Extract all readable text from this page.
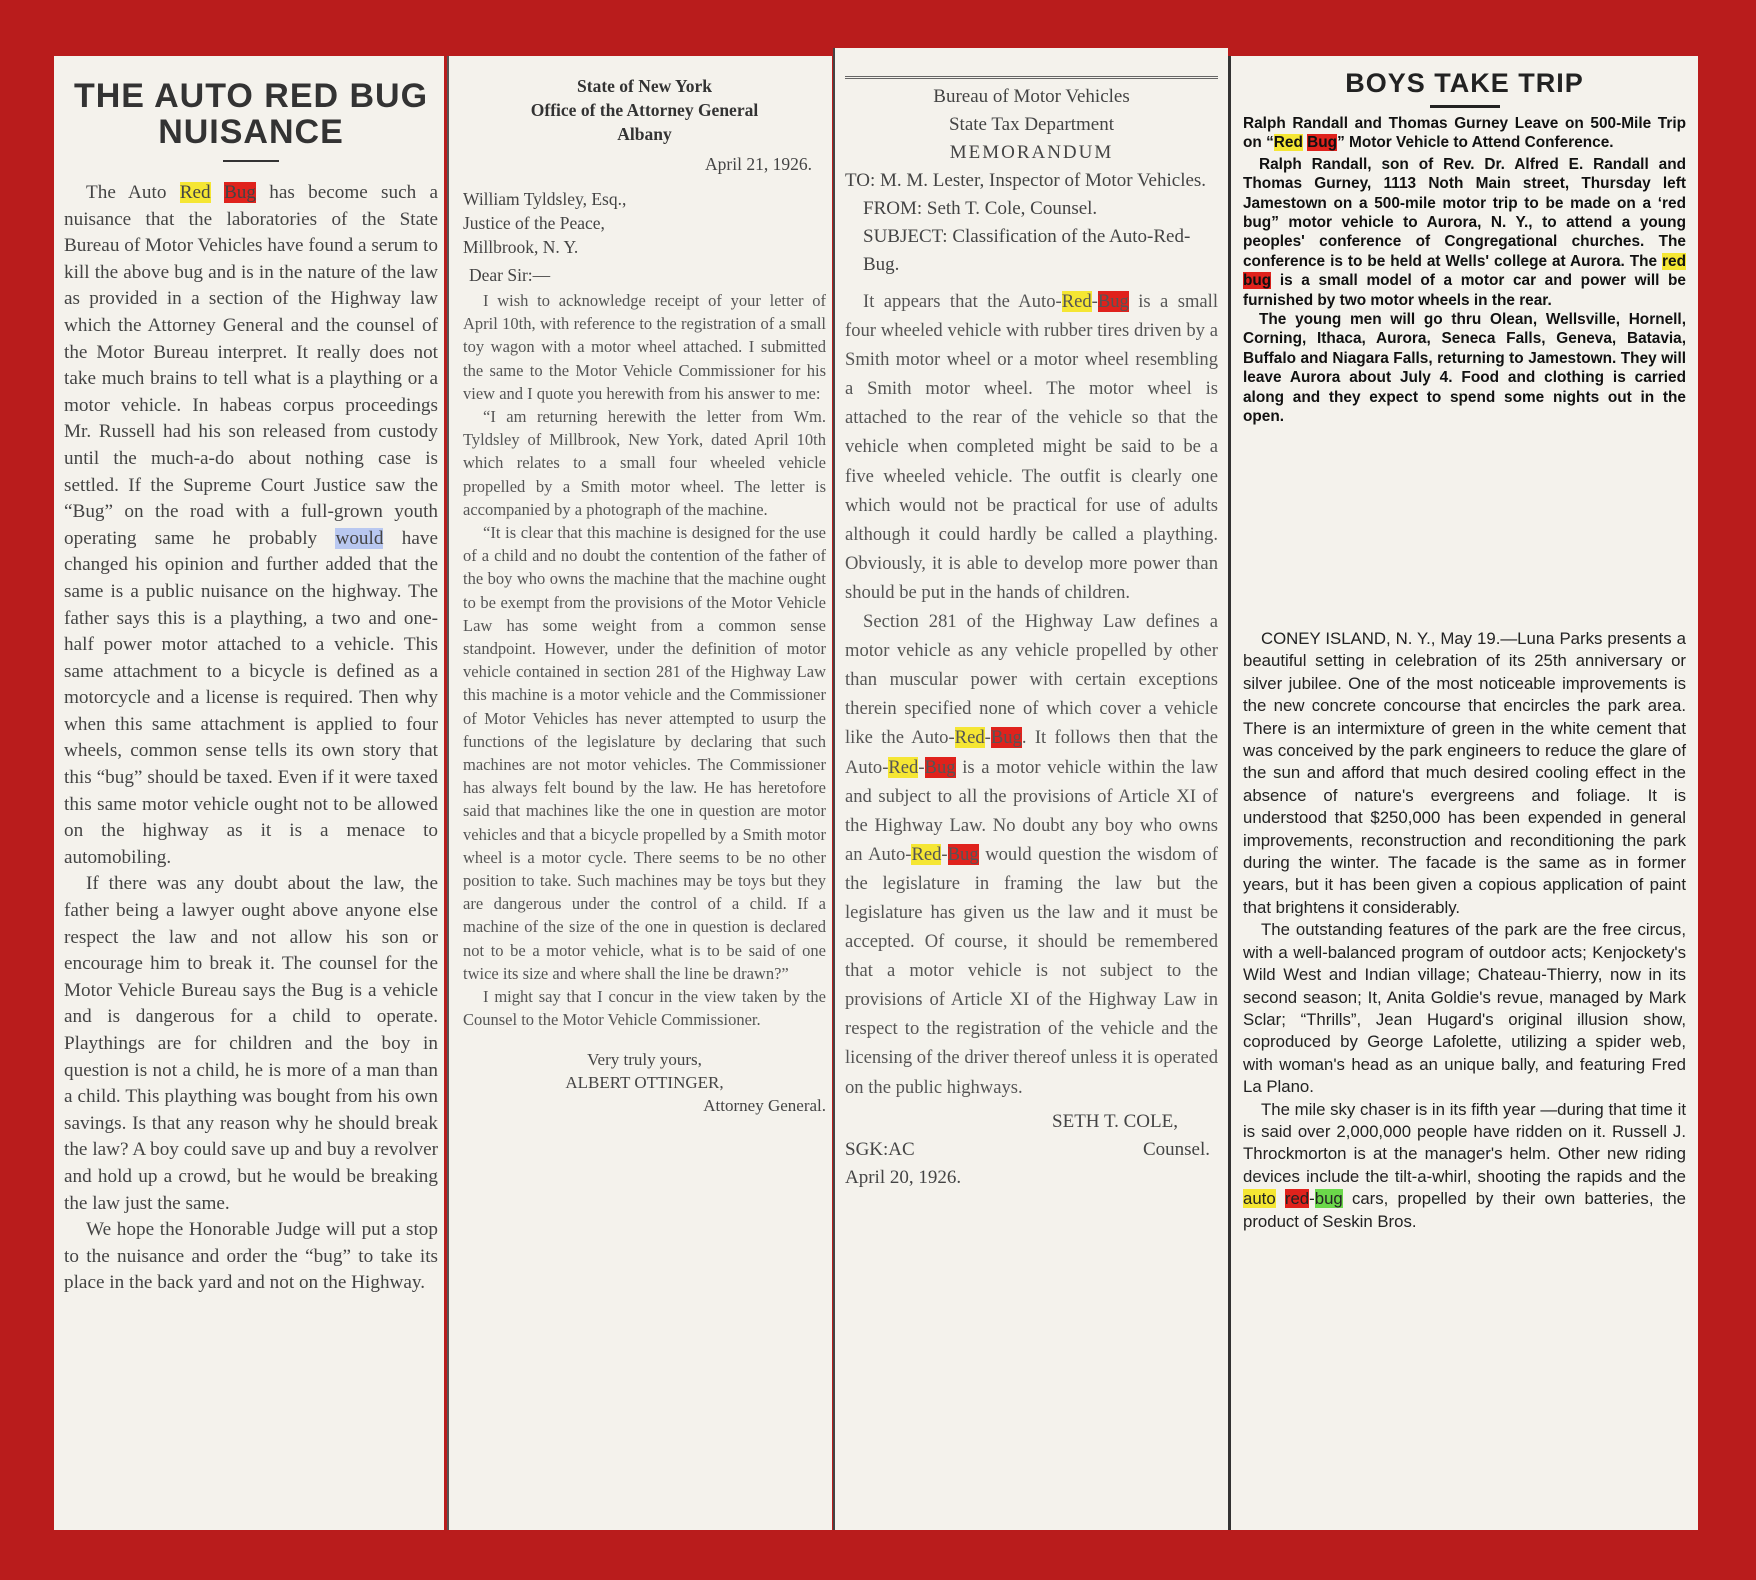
THE AUTO RED BUG NUISANCE

The Auto Red Bug has become such a nuisance that the laboratories of the State Bureau of Motor Vehicles have found a serum to kill the above bug and is in the nature of the law as provided in a section of the Highway law which the Attorney General and the counsel of the Motor Bureau interpret. It really does not take much brains to tell what is a plaything or a motor vehicle. In habeas corpus proceedings Mr. Russell had his son released from custody until the much-a-do about nothing case is settled. If the Supreme Court Justice saw the “Bug” on the road with a full-grown youth operating same he probably would have changed his opinion and further added that the same is a public nuisance on the highway. The father says this is a plaything, a two and one-half power motor attached to a vehicle. This same attachment to a bicycle is defined as a motorcycle and a license is required. Then why when this same attachment is applied to four wheels, common sense tells its own story that this “bug” should be taxed. Even if it were taxed this same motor vehicle ought not to be allowed on the highway as it is a menace to automobiling.

If there was any doubt about the law, the father being a lawyer ought above anyone else respect the law and not allow his son or encourage him to break it. The counsel for the Motor Vehicle Bureau says the Bug is a vehicle and is dangerous for a child to operate. Playthings are for children and the boy in question is not a child, he is more of a man than a child. This plaything was bought from his own savings. Is that any reason why he should break the law? A boy could save up and buy a revolver and hold up a crowd, but he would be breaking the law just the same.

We hope the Honorable Judge will put a stop to the nuisance and order the “bug” to take its place in the back yard and not on the Highway.

State of New York
Office of the Attorney General
Albany
April 21, 1926.
William Tyldsley, Esq.,
Justice of the Peace,
Millbrook, N. Y.
Dear Sir:—

I wish to acknowledge receipt of your letter of April 10th, with reference to the registration of a small toy wagon with a motor wheel attached. I submitted the same to the Motor Vehicle Commissioner for his view and I quote you herewith from his answer to me:

“I am returning herewith the letter from Wm. Tyldsley of Millbrook, New York, dated April 10th which relates to a small four wheeled vehicle propelled by a Smith motor wheel. The letter is accompanied by a photograph of the machine.

“It is clear that this machine is designed for the use of a child and no doubt the contention of the father of the boy who owns the machine that the machine ought to be exempt from the provisions of the Motor Vehicle Law has some weight from a common sense standpoint. However, under the definition of motor vehicle contained in section 281 of the Highway Law this machine is a motor vehicle and the Commissioner of Motor Vehicles has never attempted to usurp the functions of the legislature by declaring that such machines are not motor vehicles. The Commissioner has always felt bound by the law. He has heretofore said that machines like the one in question are motor vehicles and that a bicycle propelled by a Smith motor wheel is a motor cycle. There seems to be no other position to take. Such machines may be toys but they are dangerous under the control of a child. If a machine of the size of the one in question is declared not to be a motor vehicle, what is to be said of one twice its size and where shall the line be drawn?”

I might say that I concur in the view taken by the Counsel to the Motor Vehicle Commissioner.

Very truly yours,
ALBERT OTTINGER,
Attorney General.
Bureau of Motor Vehicles
State Tax Department
MEMORANDUM
TO: M. M. Lester, Inspector of Motor Vehicles.
FROM: Seth T. Cole, Counsel.
SUBJECT: Classification of the Auto-Red-Bug.

It appears that the Auto-Red-Bug is a small four wheeled vehicle with rubber tires driven by a Smith motor wheel or a motor wheel resembling a Smith motor wheel. The motor wheel is attached to the rear of the vehicle so that the vehicle when completed might be said to be a five wheeled vehicle. The outfit is clearly one which would not be practical for use of adults although it could hardly be called a plaything. Obviously, it is able to develop more power than should be put in the hands of children.

Section 281 of the Highway Law defines a motor vehicle as any vehicle propelled by other than muscular power with certain exceptions therein specified none of which cover a vehicle like the Auto-Red-Bug. It follows then that the Auto-Red-Bug is a motor vehicle within the law and subject to all the provisions of Article XI of the Highway Law. No doubt any boy who owns an Auto-Red-Bug would question the wisdom of the legislature in framing the law but the legislature has given us the law and it must be accepted. Of course, it should be remembered that a motor vehicle is not subject to the provisions of Article XI of the Highway Law in respect to the registration of the vehicle and the licensing of the driver thereof unless it is operated on the public highways.

SETH T. COLE,
SGK:AC	Counsel.
April 20, 1926.
BOYS TAKE TRIP
Ralph Randall and Thomas Gurney Leave on 500-Mile Trip on “Red Bug” Motor Vehicle to Attend Conference.

Ralph Randall, son of Rev. Dr. Alfred E. Randall and Thomas Gurney, 1113 Noth Main street, Thursday left Jamestown on a 500-mile motor trip to be made on a ‘red bug” motor vehicle to Aurora, N. Y., to attend a young peoples' conference of Congregational churches. The conference is to be held at Wells' college at Aurora. The red bug is a small model of a motor car and power will be furnished by two motor wheels in the rear.

The young men will go thru Olean, Wellsville, Hornell, Corning, Ithaca, Aurora, Seneca Falls, Geneva, Batavia, Buffalo and Niagara Falls, returning to Jamestown. They will leave Aurora about July 4. Food and clothing is carried along and they expect to spend some nights out in the open.

CONEY ISLAND, N. Y., May 19.—Luna Parks presents a beautiful setting in celebration of its 25th anniversary or silver jubilee. One of the most noticeable improvements is the new concrete concourse that encircles the park area. There is an intermixture of green in the white cement that was conceived by the park engineers to reduce the glare of the sun and afford that much desired cooling effect in the absence of nature's evergreens and foliage. It is understood that $250,000 has been expended in general improvements, reconstruction and reconditioning the park during the winter. The facade is the same as in former years, but it has been given a copious application of paint that brightens it considerably.

The outstanding features of the park are the free circus, with a well-balanced program of outdoor acts; Kenjockety's Wild West and Indian village; Chateau-Thierry, now in its second season; It, Anita Goldie's revue, managed by Mark Sclar; “Thrills”, Jean Hugard's original illusion show, coproduced by George Lafolette, utilizing a spider web, with woman's head as an unique bally, and featuring Fred La Plano.

The mile sky chaser is in its fifth year —during that time it is said over 2,000,000 people have ridden on it. Russell J. Throckmorton is at the manager's helm. Other new riding devices include the tilt-a-whirl, shooting the rapids and the auto red-bug cars, propelled by their own batteries, the product of Seskin Bros.
